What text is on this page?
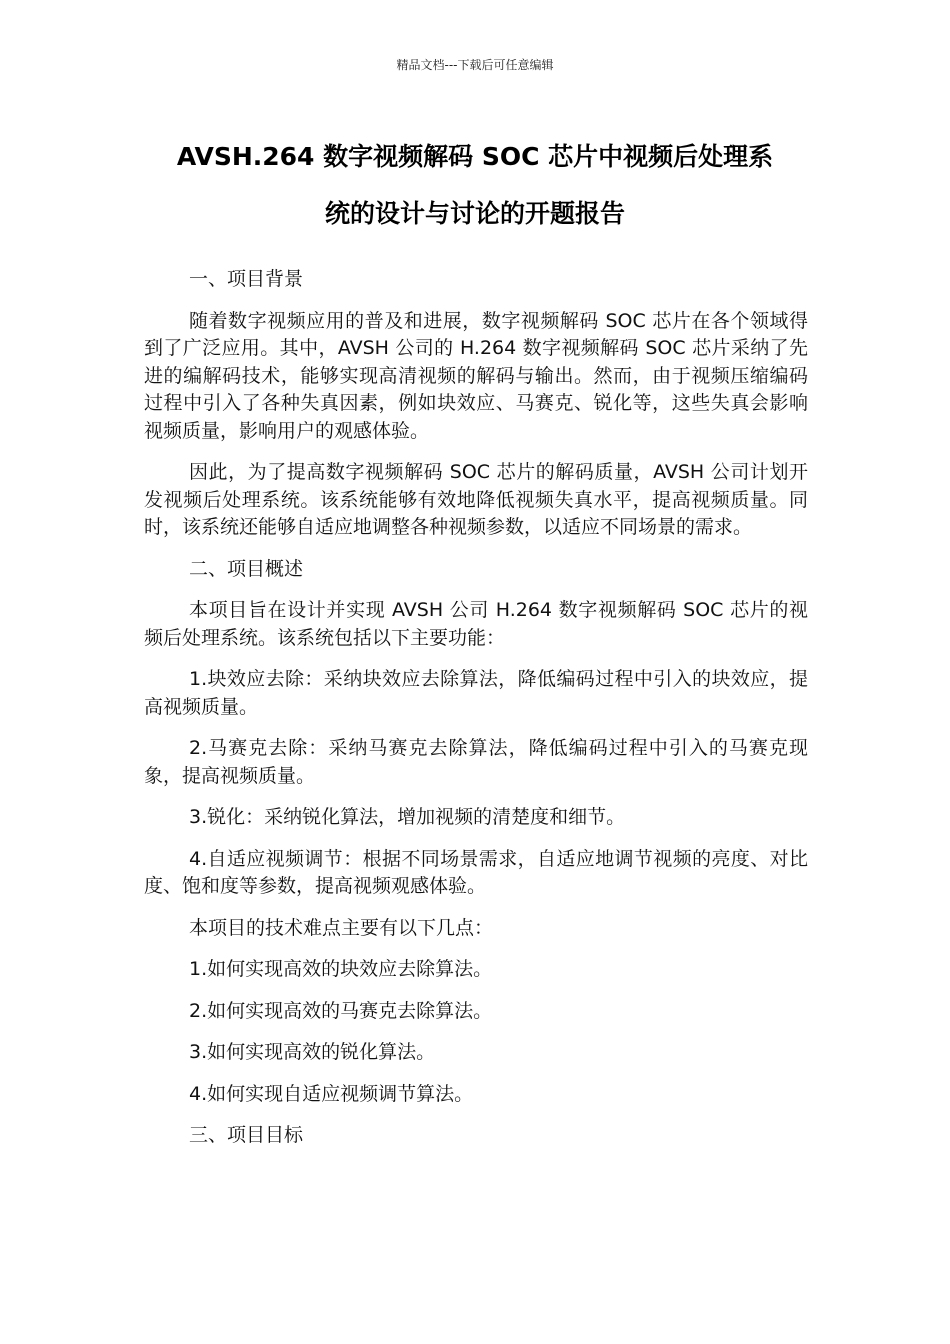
精品文档---下载后可任意编辑
AVSH.264 数字视频解码 SOC 芯片中视频后处理系
统的设计与讨论的开题报告

一、项目背景

随着数字视频应用的普及和进展，数字视频解码 SOC 芯片在各个领域得到了广泛应用。其中，AVSH 公司的 H.264 数字视频解码 SOC 芯片采纳了先进的编解码技术，能够实现高清视频的解码与输出。然而，由于视频压缩编码过程中引入了各种失真因素，例如块效应、马赛克、锐化等，这些失真会影响视频质量，影响用户的观感体验。

因此，为了提高数字视频解码 SOC 芯片的解码质量，AVSH 公司计划开发视频后处理系统。该系统能够有效地降低视频失真水平，提高视频质量。同时，该系统还能够自适应地调整各种视频参数，以适应不同场景的需求。

二、项目概述

本项目旨在设计并实现 AVSH 公司 H.264 数字视频解码 SOC 芯片的视频后处理系统。该系统包括以下主要功能：

1.块效应去除：采纳块效应去除算法，降低编码过程中引入的块效应，提高视频质量。

2.马赛克去除：采纳马赛克去除算法，降低编码过程中引入的马赛克现象，提高视频质量。

3.锐化：采纳锐化算法，增加视频的清楚度和细节。

4.自适应视频调节：根据不同场景需求，自适应地调节视频的亮度、对比度、饱和度等参数，提高视频观感体验。

本项目的技术难点主要有以下几点：

1.如何实现高效的块效应去除算法。

2.如何实现高效的马赛克去除算法。

3.如何实现高效的锐化算法。

4.如何实现自适应视频调节算法。

三、项目目标
